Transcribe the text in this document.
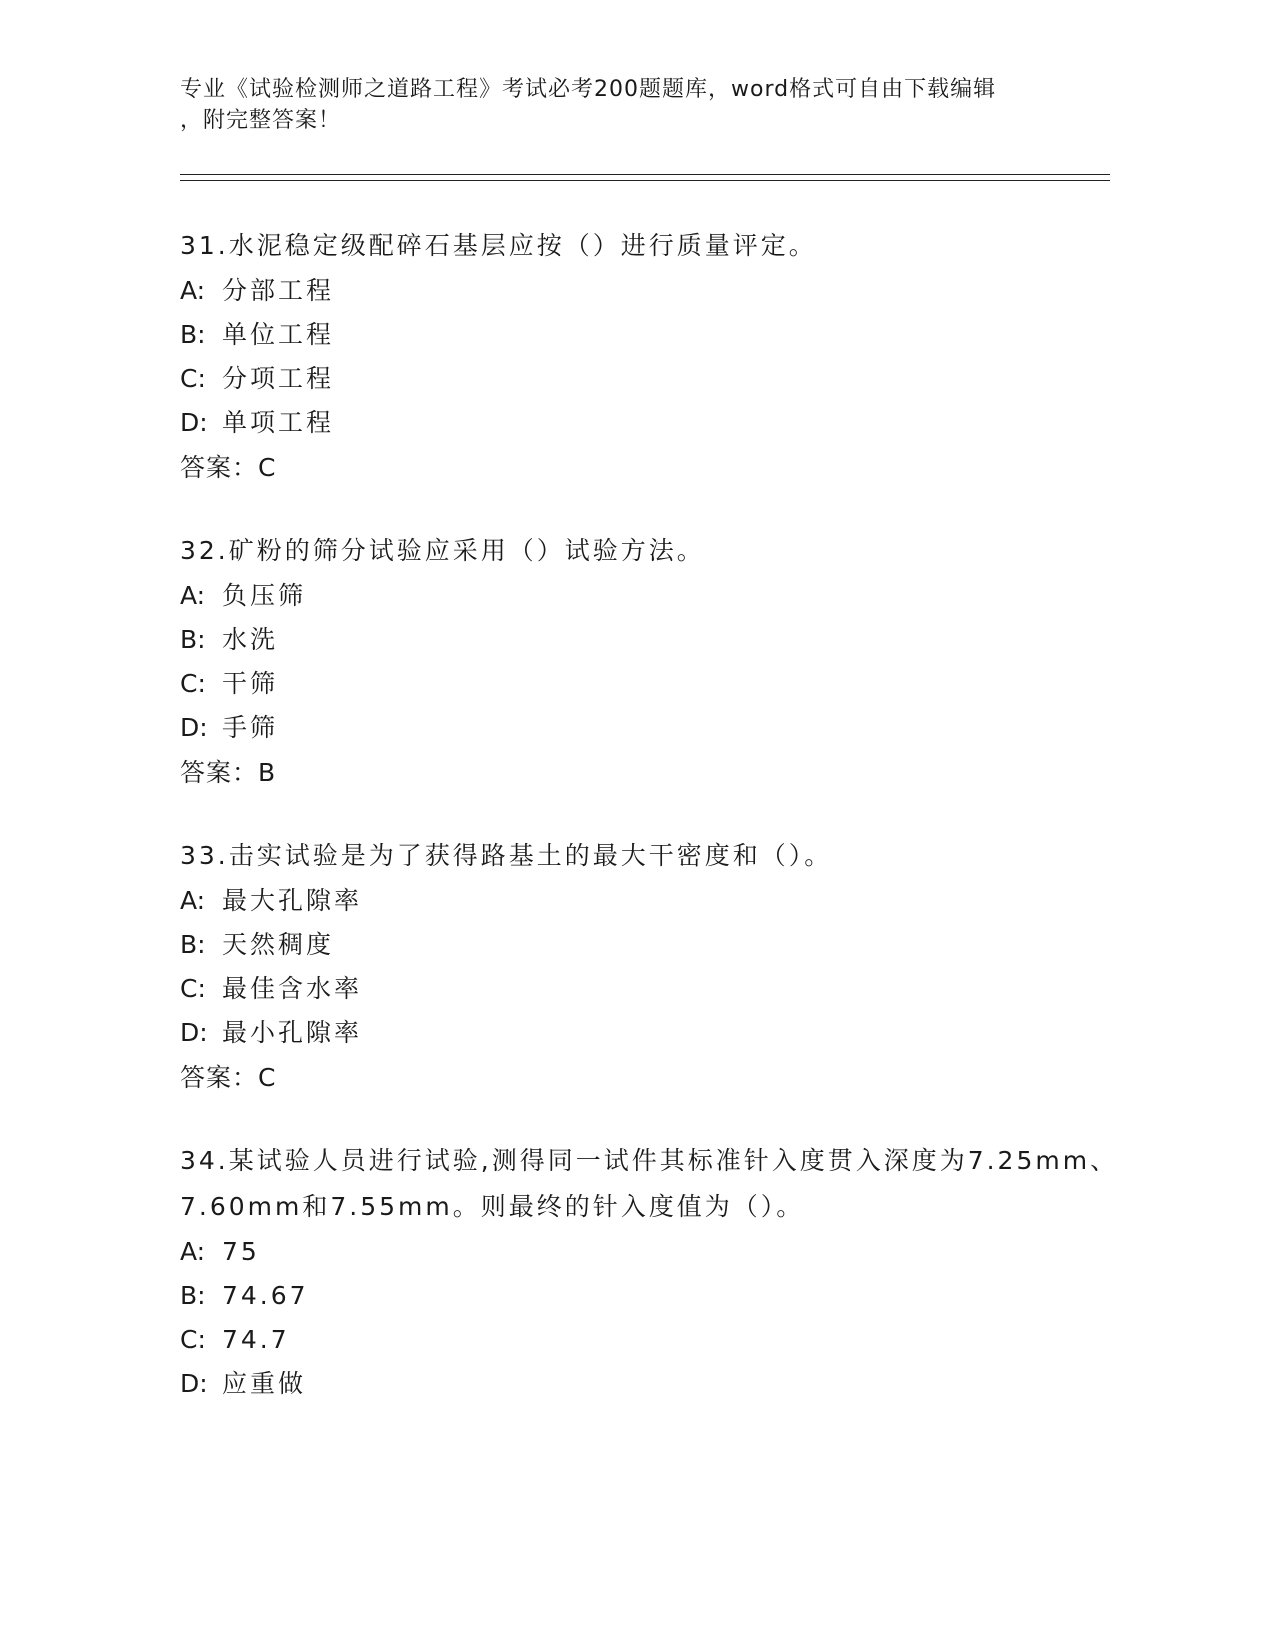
专业《试验检测师之道路工程》考试必考200题题库，word格式可自由下载编辑
，附完整答案！

31.水泥稳定级配碎石基层应按（）进行质量评定。

A: 分部工程

B: 单位工程

C: 分项工程

D: 单项工程

答案：C

32.矿粉的筛分试验应采用（）试验方法。

A: 负压筛

B: 水洗

C: 干筛

D: 手筛

答案：B

33.击实试验是为了获得路基土的最大干密度和（）。

A: 最大孔隙率

B: 天然稠度

C: 最佳含水率

D: 最小孔隙率

答案：C

34.某试验人员进行试验,测得同一试件其标准针入度贯入深度为7.25mm、7.60mm和7.55mm。则最终的针入度值为（）。

A: 75

B: 74.67

C: 74.7

D: 应重做
